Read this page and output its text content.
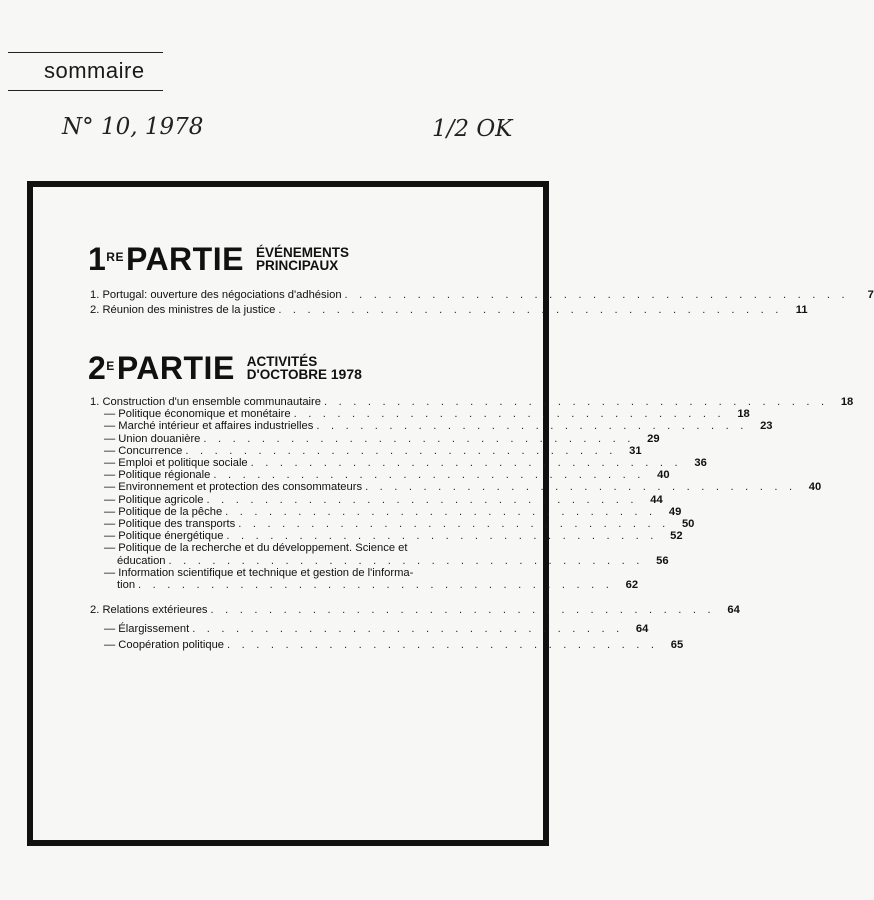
sommaire
N° 10, 1978	1/2 OK
1REPARTIE ÉVÉNEMENTS
PRINCIPAUX
1. Portugal: ouverture des négociations d'adhésion . . . . . . . . . . . . . . . . . . . . . . . . . . . . . . . . . . .	7
2. Réunion des ministres de la justice . . . . . . . . . . . . . . . . . . . . . . . . . . . . . . . . . . .	11
$2^EPARTIE$ ACTIVITÉS
D'OCTOBRE 1978
1. Construction d'un ensemble communautaire . . . . . . . . . . . . . . . . . . . . . . . . . . . . . . . . . . .	18
— Politique économique et monétaire . . . . . . . . . . . . . . . . . . . . . . . . . . . . . .	18
— Marché intérieur et affaires industrielles . . . . . . . . . . . . . . . . . . . . . . . . . . . . . .	23
— Union douanière . . . . . . . . . . . . . . . . . . . . . . . . . . . . . .	29
— Concurrence . . . . . . . . . . . . . . . . . . . . . . . . . . . . . .	31
— Emploi et politique sociale . . . . . . . . . . . . . . . . . . . . . . . . . . . . . .	36
— Politique régionale . . . . . . . . . . . . . . . . . . . . . . . . . . . . . .	40
— Environnement et protection des consommateurs . . . . . . . . . . . . . . . . . . . . . . . . . . . . . .	40
— Politique agricole . . . . . . . . . . . . . . . . . . . . . . . . . . . . . .	44
— Politique de la pêche . . . . . . . . . . . . . . . . . . . . . . . . . . . . . .	49
— Politique des transports . . . . . . . . . . . . . . . . . . . . . . . . . . . . . .	50
— Politique énergétique . . . . . . . . . . . . . . . . . . . . . . . . . . . . . .	52
— Politique de la recherche et du développement. Science et
éducation . . . . . . . . . . . . . . . . . . . . . . . . . . . . . . . . .	56
— Information scientifique et technique et gestion de l'informa-
tion . . . . . . . . . . . . . . . . . . . . . . . . . . . . . . . . .	62
2. Relations extérieures . . . . . . . . . . . . . . . . . . . . . . . . . . . . . . . . . . .	64
— Élargissement . . . . . . . . . . . . . . . . . . . . . . . . . . . . . .	64
— Coopération politique . . . . . . . . . . . . . . . . . . . . . . . . . . . . . .	65
